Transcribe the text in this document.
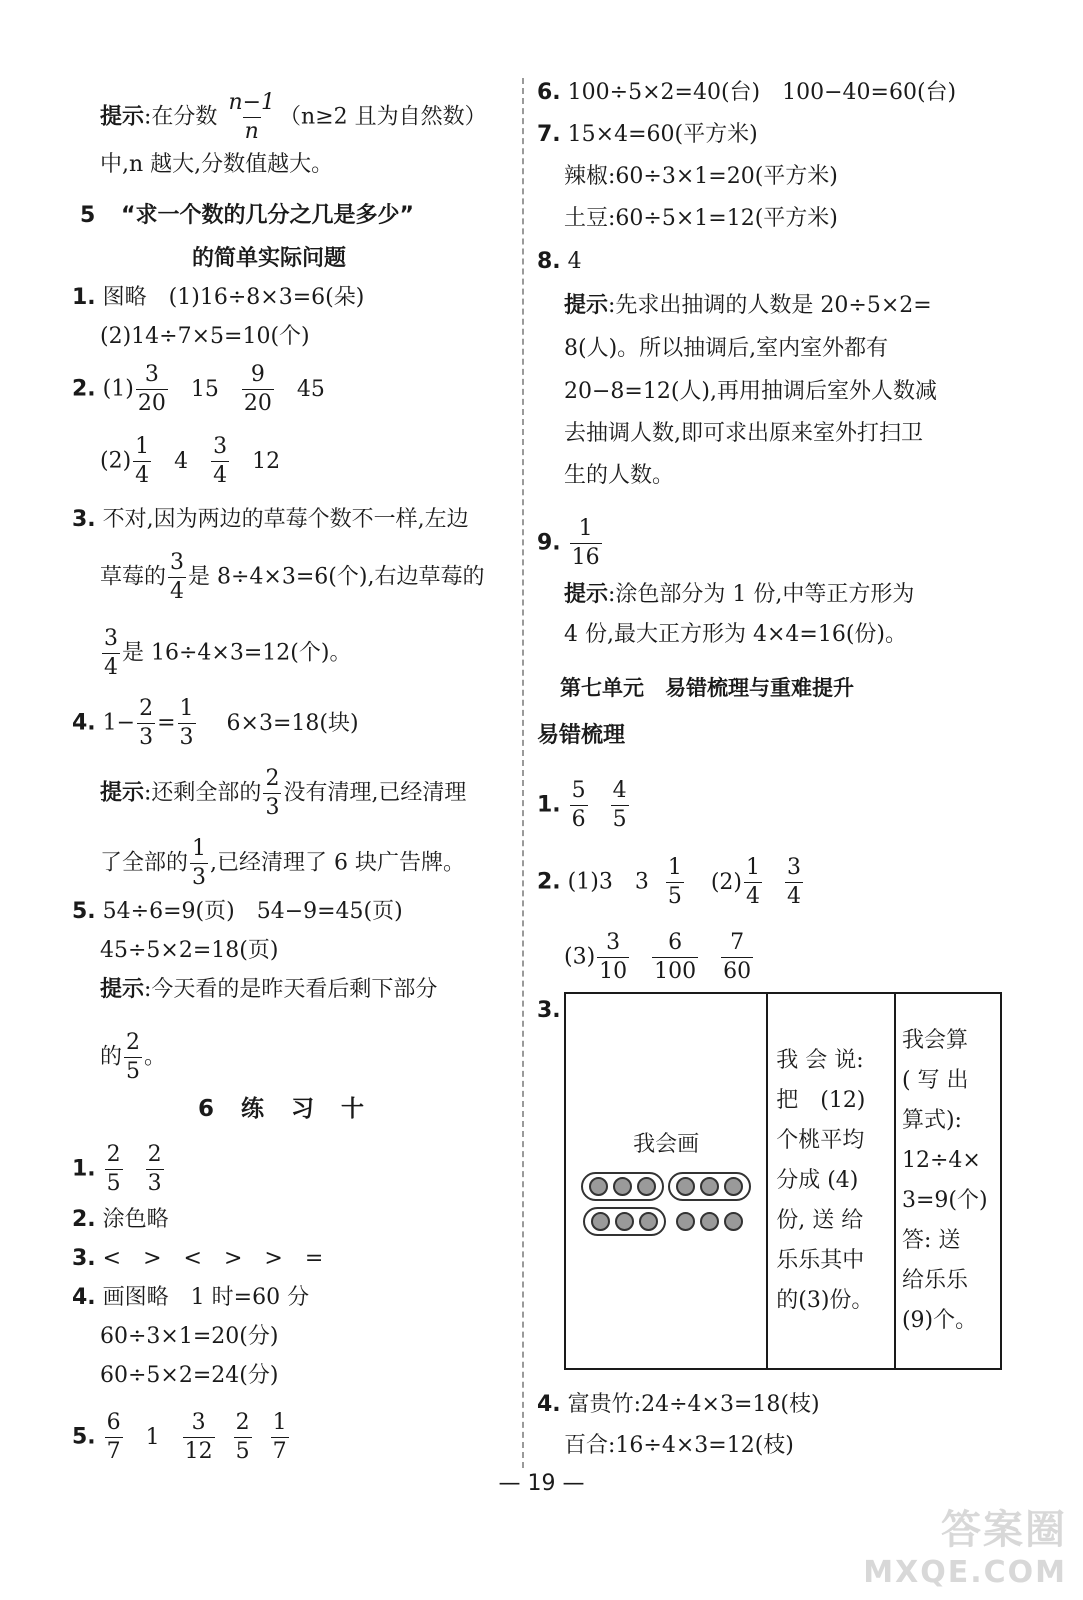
提示:在分数 $\frac{n-1}{n} (n\ge 2$ 且为自然数）
中,n 越大,分数值越大。
5 “求一个数的几分之几是多少”
的简单实际问题
1. 图略　(1)16÷8×3=6(朵)
(2)14÷7×5=10(个)
2. $(1) \frac{3}{20} 15 \frac{9}{20} 45$
$(2) \frac{1}{4} 4 \frac{3}{4} 12$
3. 不对,因为两边的草莓个数不一样,左边
草莓的 $\frac{3}{4}$ 是 8÷4×3=6(个),右边草莓的
$\frac{3}{4}$ 是 16÷4×3=12(个)。
4. $1- \frac{2}{3} = \frac{1}{3} 6\times 3=18$(块)
提示:还剩全部的 $\frac{2}{3}$ 没有清理,已经清理
了全部的 $\frac{1}{3}$ ,已经清理了 6 块广告牌。
5. 54÷6=9(页)　54−9=45(页)
45÷5×2=18(页)
提示:今天看的是昨天看后剩下部分
的 $\frac{2}{5}$ 。
6　练　习　十
1. $\frac{2}{5}$
$\frac{2}{3}$
2. 涂色略
3. <　>　<　>　>　=
4. 画图略　1 时=60 分
60÷3×1=20(分)
60÷5×2=24(分)
5. $\frac{6}{7} 1 \frac{3}{12}$
$\frac{2}{5}$
$\frac{1}{7}$
6. 100÷5×2=40(台)　100−40=60(台)
7. 15×4=60(平方米)
辣椒:60÷3×1=20(平方米)
土豆:60÷5×1=12(平方米)
8. 4
提示:先求出抽调的人数是 20÷5×2=
8(人)。所以抽调后,室内室外都有
20−8=12(人),再用抽调后室外人数减
去抽调人数,即可求出原来室外打扫卫
生的人数。
9. $\frac{1}{16}$
提示:涂色部分为 1 份,中等正方形为
4 份,最大正方形为 4×4=16(份)。
第七单元　易错梳理与重难提升
易错梳理
1. $\frac{5}{6}$
$\frac{4}{5}$
2. (1)3　$3 \frac{1}{5} (2) \frac{1}{4}$
$\frac{3}{4}$
$(3) \frac{3}{10}$
$\frac{6}{100}$
$\frac{7}{60}$
3.
我会画

我 会 说:
把　(12)
个桃平均
分成 (4)
份, 送 给
乐乐其中
的(3)份。

我会算
( 写 出
算式):
12÷4×
3=9(个)
答: 送
给乐乐
(9)个。
4. 富贵竹:24÷4×3=18(枝)
百合:16÷4×3=12(枝)
— 19 —
答案圈
MXQE.COM
